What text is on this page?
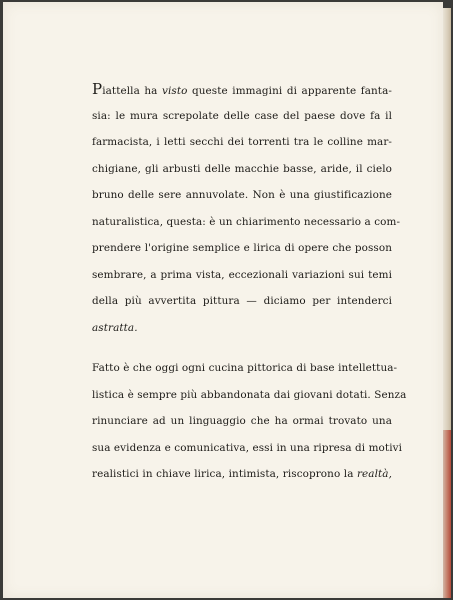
Piattella ha visto queste immagini di apparente fanta-
sia: le mura screpolate delle case del paese dove fa il
farmacista, i letti secchi dei torrenti tra le colline mar-
chigiane, gli arbusti delle macchie basse, aride, il cielo
bruno delle sere annuvolate. Non è una giustificazione
naturalistica, questa: è un chiarimento necessario a com-
prendere l'origine semplice e lirica di opere che posson
sembrare, a prima vista, eccezionali variazioni sui temi
della più avvertita pittura — diciamo per intenderci
astratta.
Fatto è che oggi ogni cucina pittorica di base intellettua-
listica è sempre più abbandonata dai giovani dotati. Senza
rinunciare ad un linguaggio che ha ormai trovato una
sua evidenza e comunicativa, essi in una ripresa di motivi
realistici in chiave lirica, intimista, riscoprono la realtà,
